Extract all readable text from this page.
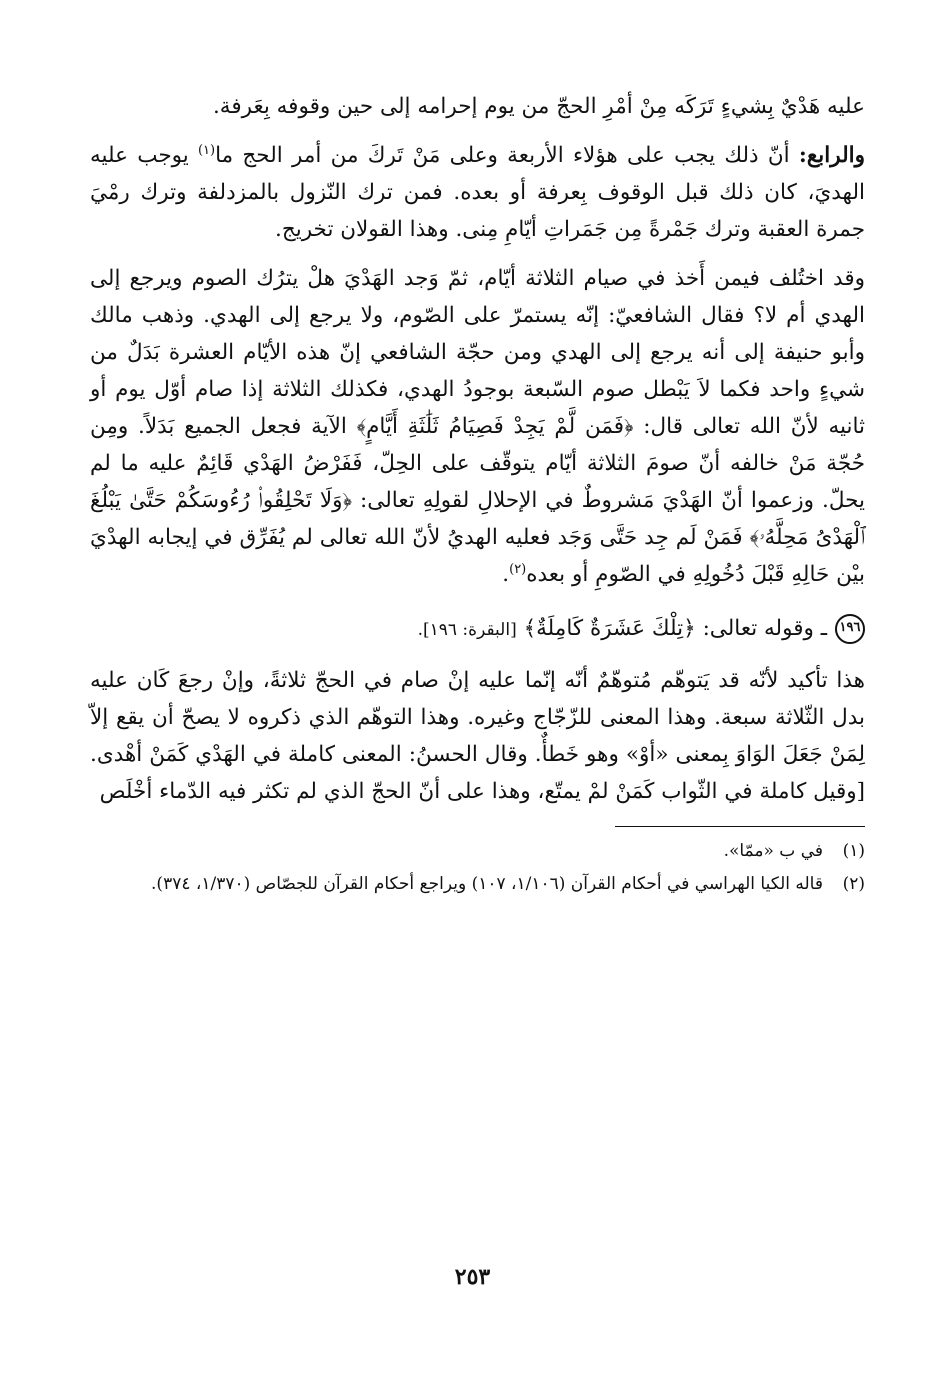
عليه هَدْيٌ بِشيءٍ تَرَكَه مِنْ أمْرِ الحجّ من يوم إحرامه إلى حين وقوفه بِعَرفة.

والرابع: أنّ ذلك يجب على هؤلاء الأربعة وعلى مَنْ تَركَ من أمر الحج ما$^{(١)}$ يوجب عليه الهديَ، كان ذلك قبل الوقوف بِعرفة أو بعده. فمن ترك النّزول بالمزدلفة وترك رمْيَ جمرة العقبة وترك جَمْرةً مِن جَمَراتِ أيّامِ مِنى. وهذا القولان تخريج.

وقد اختُلف فيمن أَخذ في صيام الثلاثة أيّام، ثمّ وَجد الهَدْيَ هلْ يترُك الصوم ويرجع إلى الهدي أم لا؟ فقال الشافعيّ: إنّه يستمرّ على الصّوم، ولا يرجع إلى الهدي. وذهب مالك وأبو حنيفة إلى أنه يرجع إلى الهدي ومن حجّة الشافعي إنّ هذه الأيّام العشرة بَدَلٌ من شيءٍ واحد فكما لاَ يَبْطل صوم السّبعة بوجودُ الهدي، فكذلك الثلاثة إذا صام أوّل يوم أو ثانيه لأنّ الله تعالى قال: ﴿فَمَن لَّمْ يَجِدْ فَصِيَامُ ثَلَٰثَةِ أَيَّامٍ﴾ الآية فجعل الجميع بَدَلاً. ومِن حُجّة مَنْ خالفه أنّ صومَ الثلاثة أيّام يتوقّف على الحِلّ، فَفَرْضُ الهَدْي قَائِمٌ عليه ما لم يحلّ. وزعموا أنّ الهَدْيَ مَشروطٌ في الإحلالِ لقولِهِ تعالى: ﴿وَلَا تَحْلِقُوا۟ رُءُوسَكُمْ حَتَّىٰ يَبْلُغَ ٱلْهَدْىُ مَحِلَّهُۥ﴾ فَمَنْ لَم جِد حَتَّى وَجَد فعليه الهديُ لأنّ الله تعالى لم يُفَرِّق في إيجابه الهدْيَ بيْن حَالِهِ قَبْلَ دُخُولِهِ في الصّومِ أو بعده$^{(٢)}$.

١٩٦ـ وقوله تعالى: ﴿تِلْكَ عَشَرَةٌ كَامِلَةٌ﴾ [البقرة: ١٩٦].

هذا تأكيد لأنّه قد يَتوهّم مُتوهّمٌ أنّه إنّما عليه إنْ صام في الحجّ ثلاثةً، وإنْ رجعَ كَان عليه بدل الثّلاثة سبعة. وهذا المعنى للزّجّاج وغيره. وهذا التوهّم الذي ذكروه لا يصحّ أن يقع إلاّ لِمَنْ جَعَلَ الوَاوَ بِمعنى «أوْ» وهو خَطأٌ. وقال الحسنُ: المعنى كاملة في الهَدْي كَمَنْ أهْدى. [وقيل كاملة في الثّواب كَمَنْ لمْ يمتّع، وهذا على أنّ الحجّ الذي لم تكثر فيه الدّماء أخْلَص

(١)
في ب «ممّا».
(٢)
قاله الكيا الهراسي في أحكام القرآن (١/١٠٦، ١٠٧) ويراجع أحكام القرآن للجصّاص (١/٣٧٠، ٣٧٤).
٢٥٣
